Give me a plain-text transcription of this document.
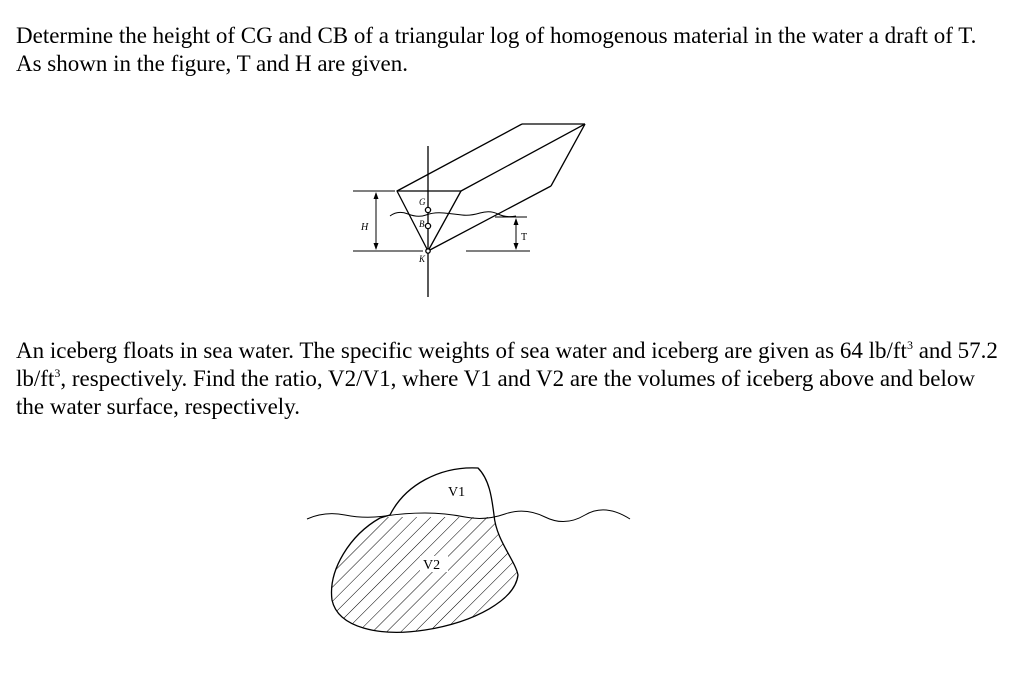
Determine the height of CG and CB of a triangular log of homogenous material in the water a draft of T. As shown in the figure, T and H are given.

H
T
G
B
K

An iceberg floats in sea water. The specific weights of sea water and iceberg are given as 64 $lb/ft^3$ and 57.2 $lb/ft^3$, respectively. Find the ratio, V2/V1, where V1 and V2 are the volumes of iceberg above and below the water surface, respectively.

V1
V2
